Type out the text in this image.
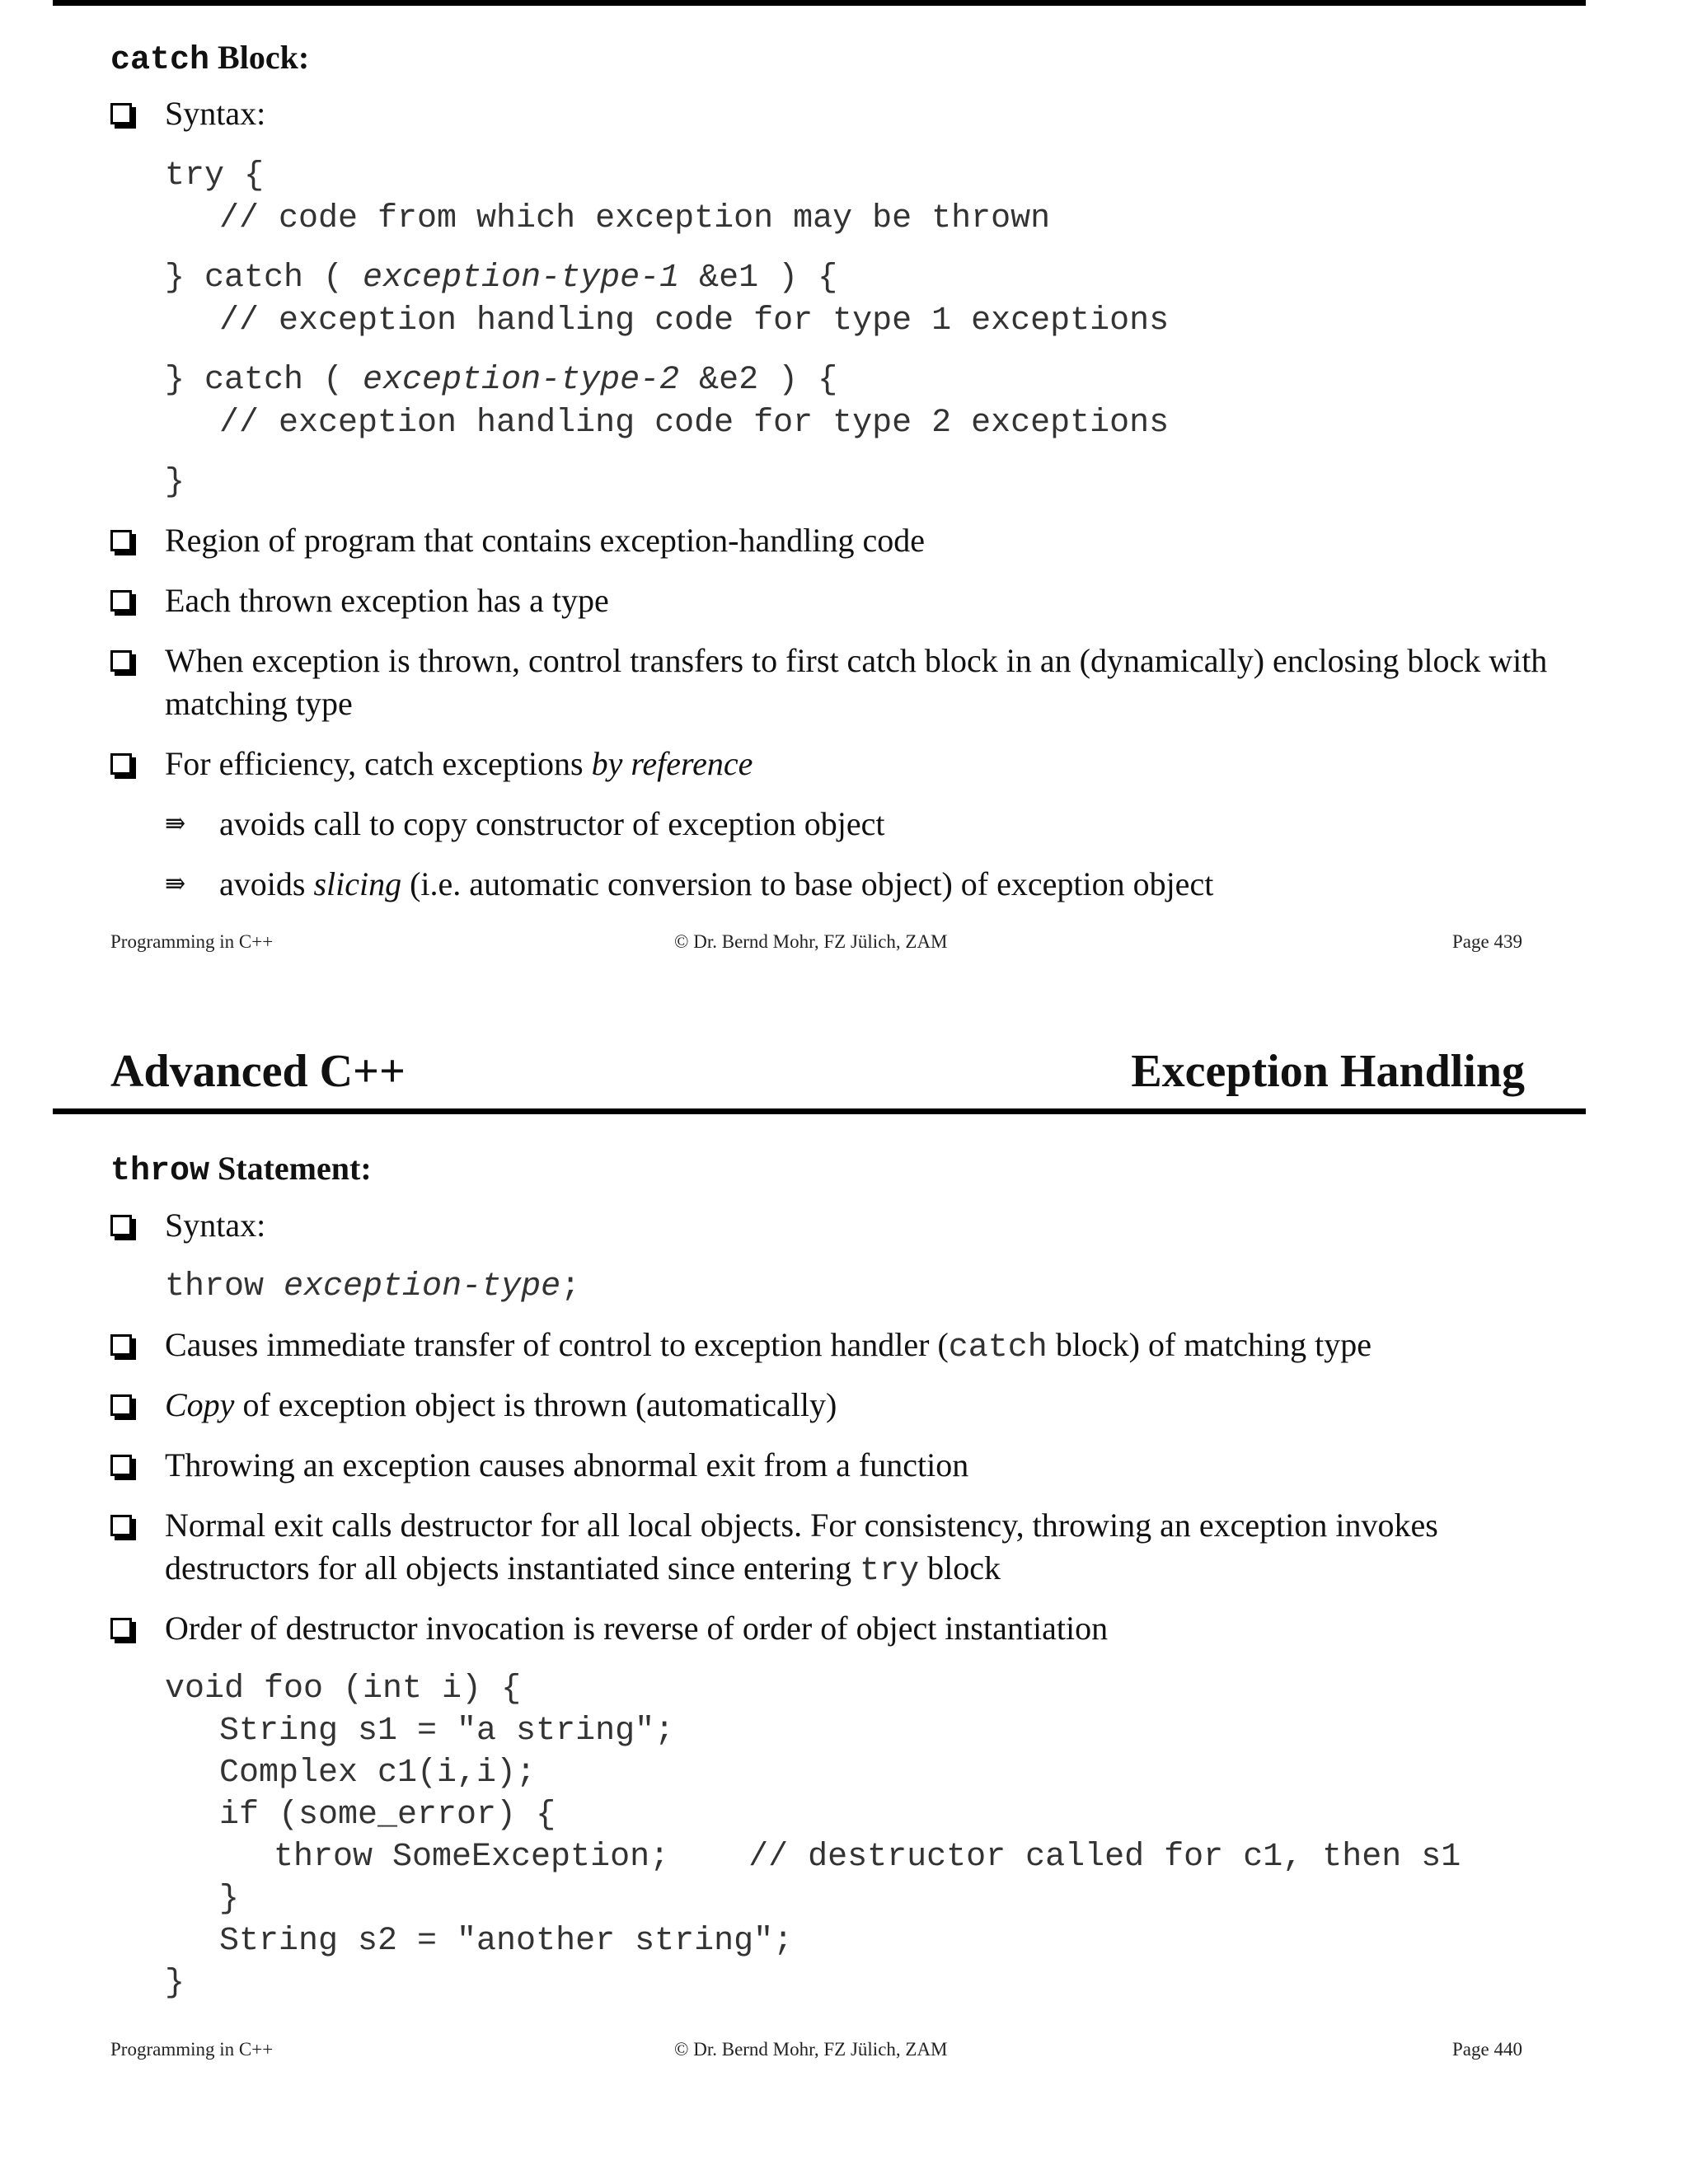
catch Block:
Syntax:
try {
// code from which exception may be thrown
} catch ( exception-type-1 &e1 ) {
// exception handling code for type 1 exceptions
} catch ( exception-type-2 &e2 ) {
// exception handling code for type 2 exceptions
}
Region of program that contains exception-handling code
Each thrown exception has a type
When exception is thrown, control transfers to first catch block in an (dynamically) enclosing block with matching type
For efficiency, catch exceptions by reference
⇛ avoids call to copy constructor of exception object
⇛ avoids slicing (i.e. automatic conversion to base object) of exception object
Programming in C++	© Dr. Bernd Mohr, FZ Jülich, ZAM	Page 439
Advanced C++	Exception Handling
throw Statement:
Syntax:
throw exception-type;
Causes immediate transfer of control to exception handler (catch block) of matching type
Copy of exception object is thrown (automatically)
Throwing an exception causes abnormal exit from a function
Normal exit calls destructor for all local objects. For consistency, throwing an exception invokes destructors for all objects instantiated since entering try block
Order of destructor invocation is reverse of order of object instantiation
void foo (int i) {
String s1 = "a string";
Complex c1(i,i);
if (some_error) {
throw SomeException;    // destructor called for c1, then s1
}
String s2 = "another string";
}
Programming in C++	© Dr. Bernd Mohr, FZ Jülich, ZAM	Page 440
